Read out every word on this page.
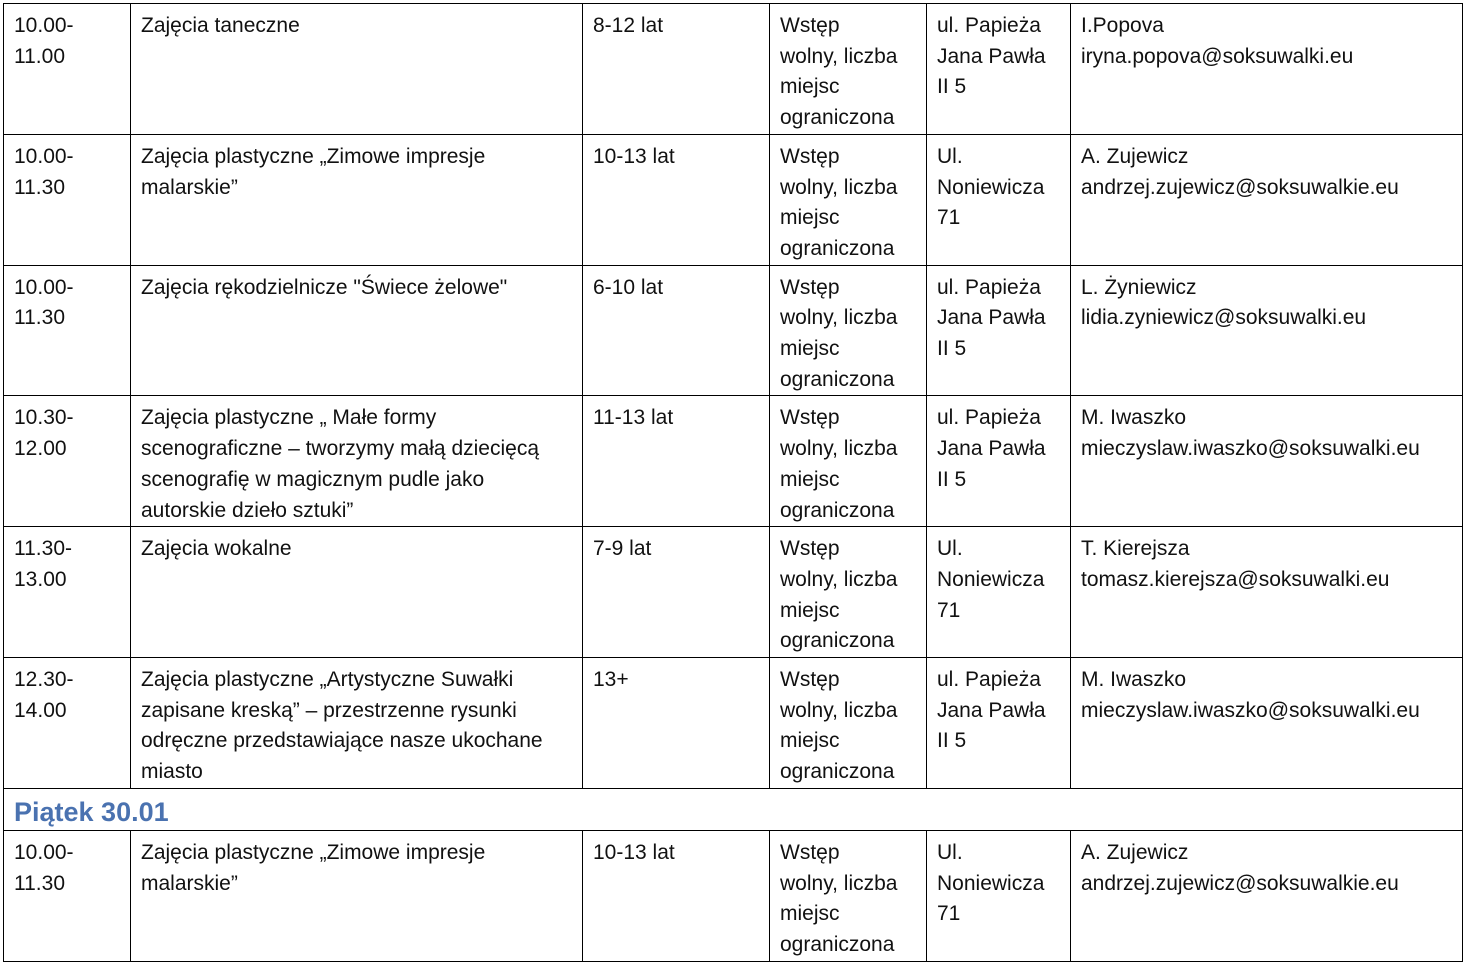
10.00-
11.00	Zajęcia taneczne	8-12 lat	Wstęp
wolny, liczba
miejsc
ograniczona	ul. Papieża
Jana Pawła
II 5	I.Popova
iryna.popova@soksuwalki.eu

10.00-
11.30	Zajęcia plastyczne „Zimowe impresje
malarskie”	10-13 lat	Wstęp
wolny, liczba
miejsc
ograniczona	Ul.
Noniewicza
71	A. Zujewicz
andrzej.zujewicz@soksuwalkie.eu

10.00-
11.30	Zajęcia rękodzielnicze "Świece żelowe"	6-10 lat	Wstęp
wolny, liczba
miejsc
ograniczona	ul. Papieża
Jana Pawła
II 5	L. Żyniewicz
lidia.zyniewicz@soksuwalki.eu

10.30-
12.00	Zajęcia plastyczne „ Małe formy
scenograficzne – tworzymy małą dziecięcą
scenografię w magicznym pudle jako
autorskie dzieło sztuki”	11-13 lat	Wstęp
wolny, liczba
miejsc
ograniczona	ul. Papieża
Jana Pawła
II 5	M. Iwaszko
mieczyslaw.iwaszko@soksuwalki.eu

11.30-
13.00	Zajęcia wokalne	7-9 lat	Wstęp
wolny, liczba
miejsc
ograniczona	Ul.
Noniewicza
71	T. Kierejsza
tomasz.kierejsza@soksuwalki.eu

12.30-
14.00	Zajęcia plastyczne „Artystyczne Suwałki
zapisane kreską” – przestrzenne rysunki
odręczne przedstawiające nasze ukochane
miasto	13+	Wstęp
wolny, liczba
miejsc
ograniczona	ul. Papieża
Jana Pawła
II 5	M. Iwaszko
mieczyslaw.iwaszko@soksuwalki.eu

Piątek 30.01					

10.00-
11.30	Zajęcia plastyczne „Zimowe impresje
malarskie”	10-13 lat	Wstęp
wolny, liczba
miejsc
ograniczona	Ul.
Noniewicza
71	A. Zujewicz
andrzej.zujewicz@soksuwalkie.eu
